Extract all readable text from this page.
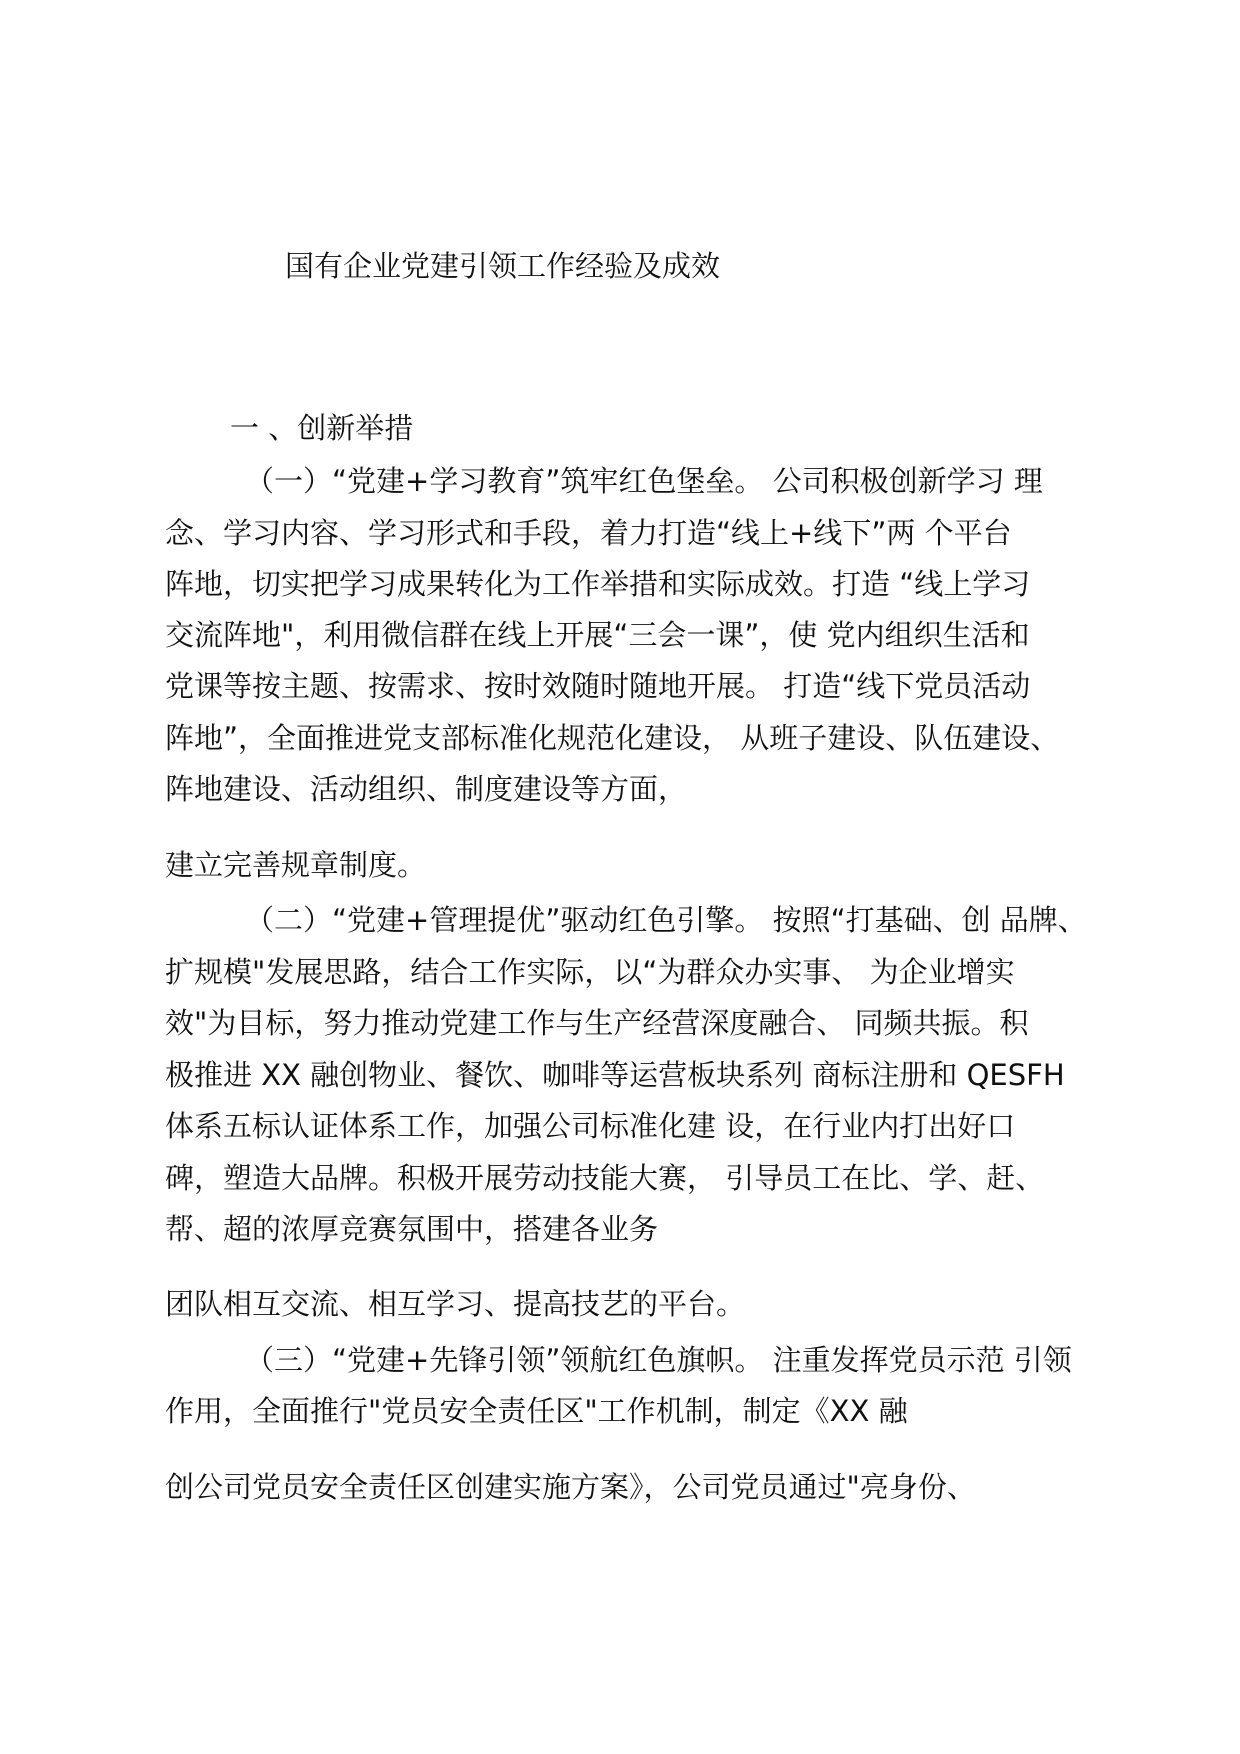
国有企业党建引领工作经验及成效
一 、创新举措
（一）“党建+学习教育”筑牢红色堡垒。 公司积极创新学习 理
念、学习内容、学习形式和手段，着力打造“线上+线下”两 个平台
阵地，切实把学习成果转化为工作举措和实际成效。打造 “线上学习
交流阵地"，利用微信群在线上开展“三会一课”，使 党内组织生活和
党课等按主题、按需求、按时效随时随地开展。 打造“线下党员活动
阵地”，全面推进党支部标准化规范化建设， 从班子建设、队伍建设、
阵地建设、活动组织、制度建设等方面，
建立完善规章制度。
（二）“党建+管理提优”驱动红色引擎。 按照“打基础、创 品牌、
扩规模"发展思路，结合工作实际，以“为群众办实事、 为企业增实
效"为目标，努力推动党建工作与生产经营深度融合、 同频共振。积
极推进 XX 融创物业、餐饮、咖啡等运营板块系列 商标注册和 QESFH
体系五标认证体系工作，加强公司标准化建 设，在行业内打出好口
碑，塑造大品牌。积极开展劳动技能大赛， 引导员工在比、学、赶、
帮、超的浓厚竞赛氛围中，搭建各业务
团队相互交流、相互学习、提高技艺的平台。
（三）“党建+先锋引领”领航红色旗帜。 注重发挥党员示范 引领
作用，全面推行"党员安全责任区"工作机制，制定《XX 融
创公司党员安全责任区创建实施方案》，公司党员通过"亮身份、
